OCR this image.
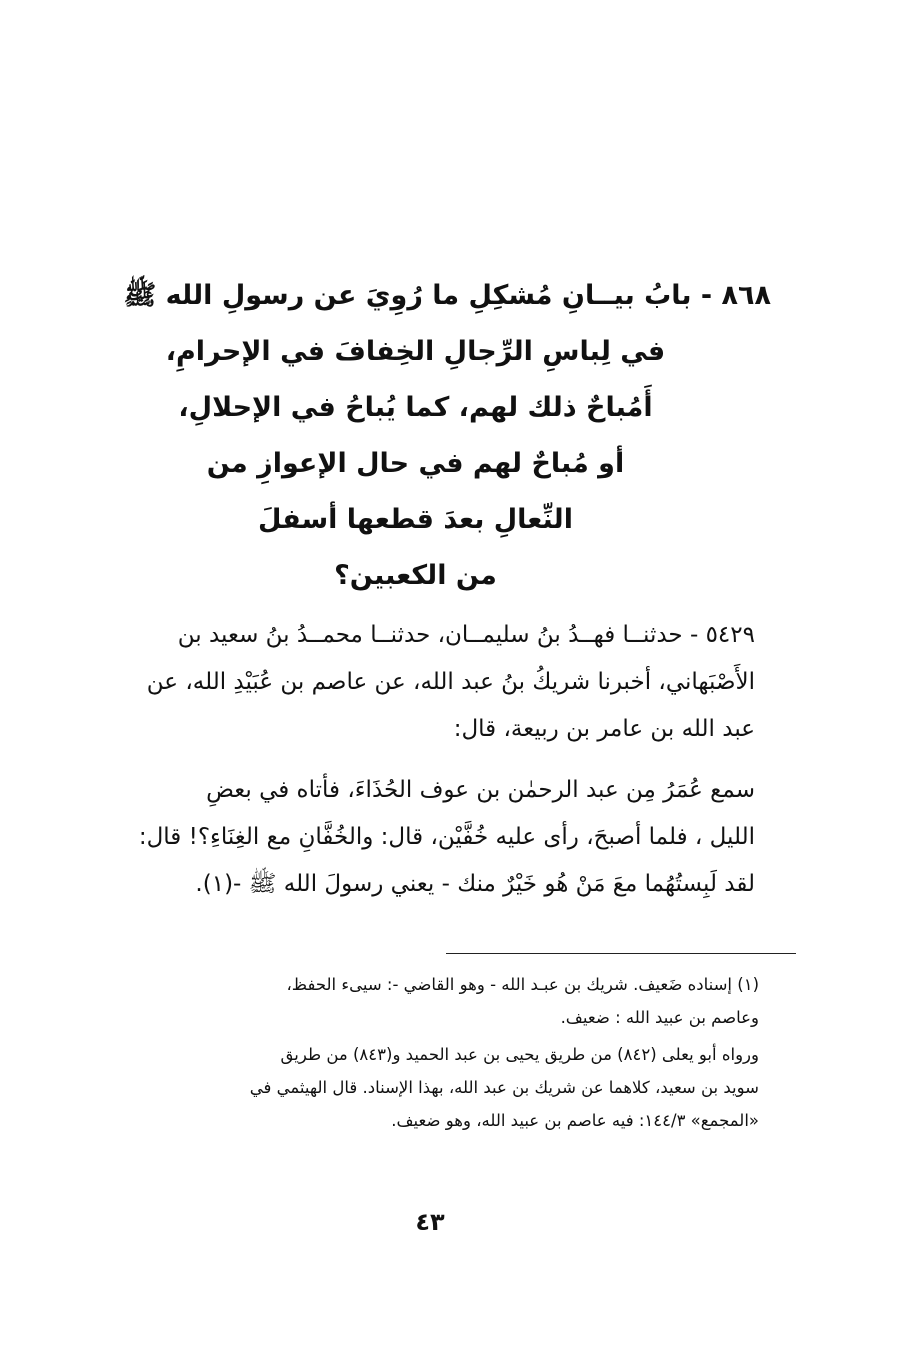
٨٦٨ - بابُ بيــانِ مُشكِلِ ما رُوِيَ عن رسولِ الله ﷺ
في لِباسِ الرِّجالِ الخِفافَ في الإحرامِ،
أَمُباحٌ ذلك لهم، كما يُباحُ في الإحلالِ،
أو مُباحٌ لهم في حال الإعوازِ من
النِّعالِ بعدَ قطعها أسفلَ
من الكعبين؟

٥٤٢٩ - حدثنــا فهــدُ بنُ سليمــان، حدثنــا محمــدُ بنُ سعيد بن
الأَصْبَهاني، أخبرنا شريكُ بنُ عبد الله، عن عاصم بن عُبَيْدِ الله، عن
عبد الله بن عامر بن ربيعة، قال:

سمع عُمَرُ مِن عبد الرحمٰن بن عوف الحُذَاءَ، فأتاه في بعضِ
الليل ، فلما أصبحَ، رأى عليه خُفَّيْن، قال: والخُفَّانِ مع الغِنَاءِ؟! قال:
لقد لَبِستُهُما معَ مَنْ هُو خَيْرٌ منك - يعني رسولَ الله ﷺ -(١).

(١) إسناده ضَعيف. شريك بن عبـد الله - وهو القاضي -: سيىء الحفظ،
وعاصم بن عبيد الله : ضعيف.

ورواه أبو يعلى (٨٤٢) من طريق يحيى بن عبد الحميد و(٨٤٣) من طريق
سويد بن سعيد، كلاهما عن شريك بن عبد الله، بهذا الإسناد. قال الهيثمي في
«المجمع» ١٤٤/٣: فيه عاصم بن عبيد الله، وهو ضعيف.

٤٣
